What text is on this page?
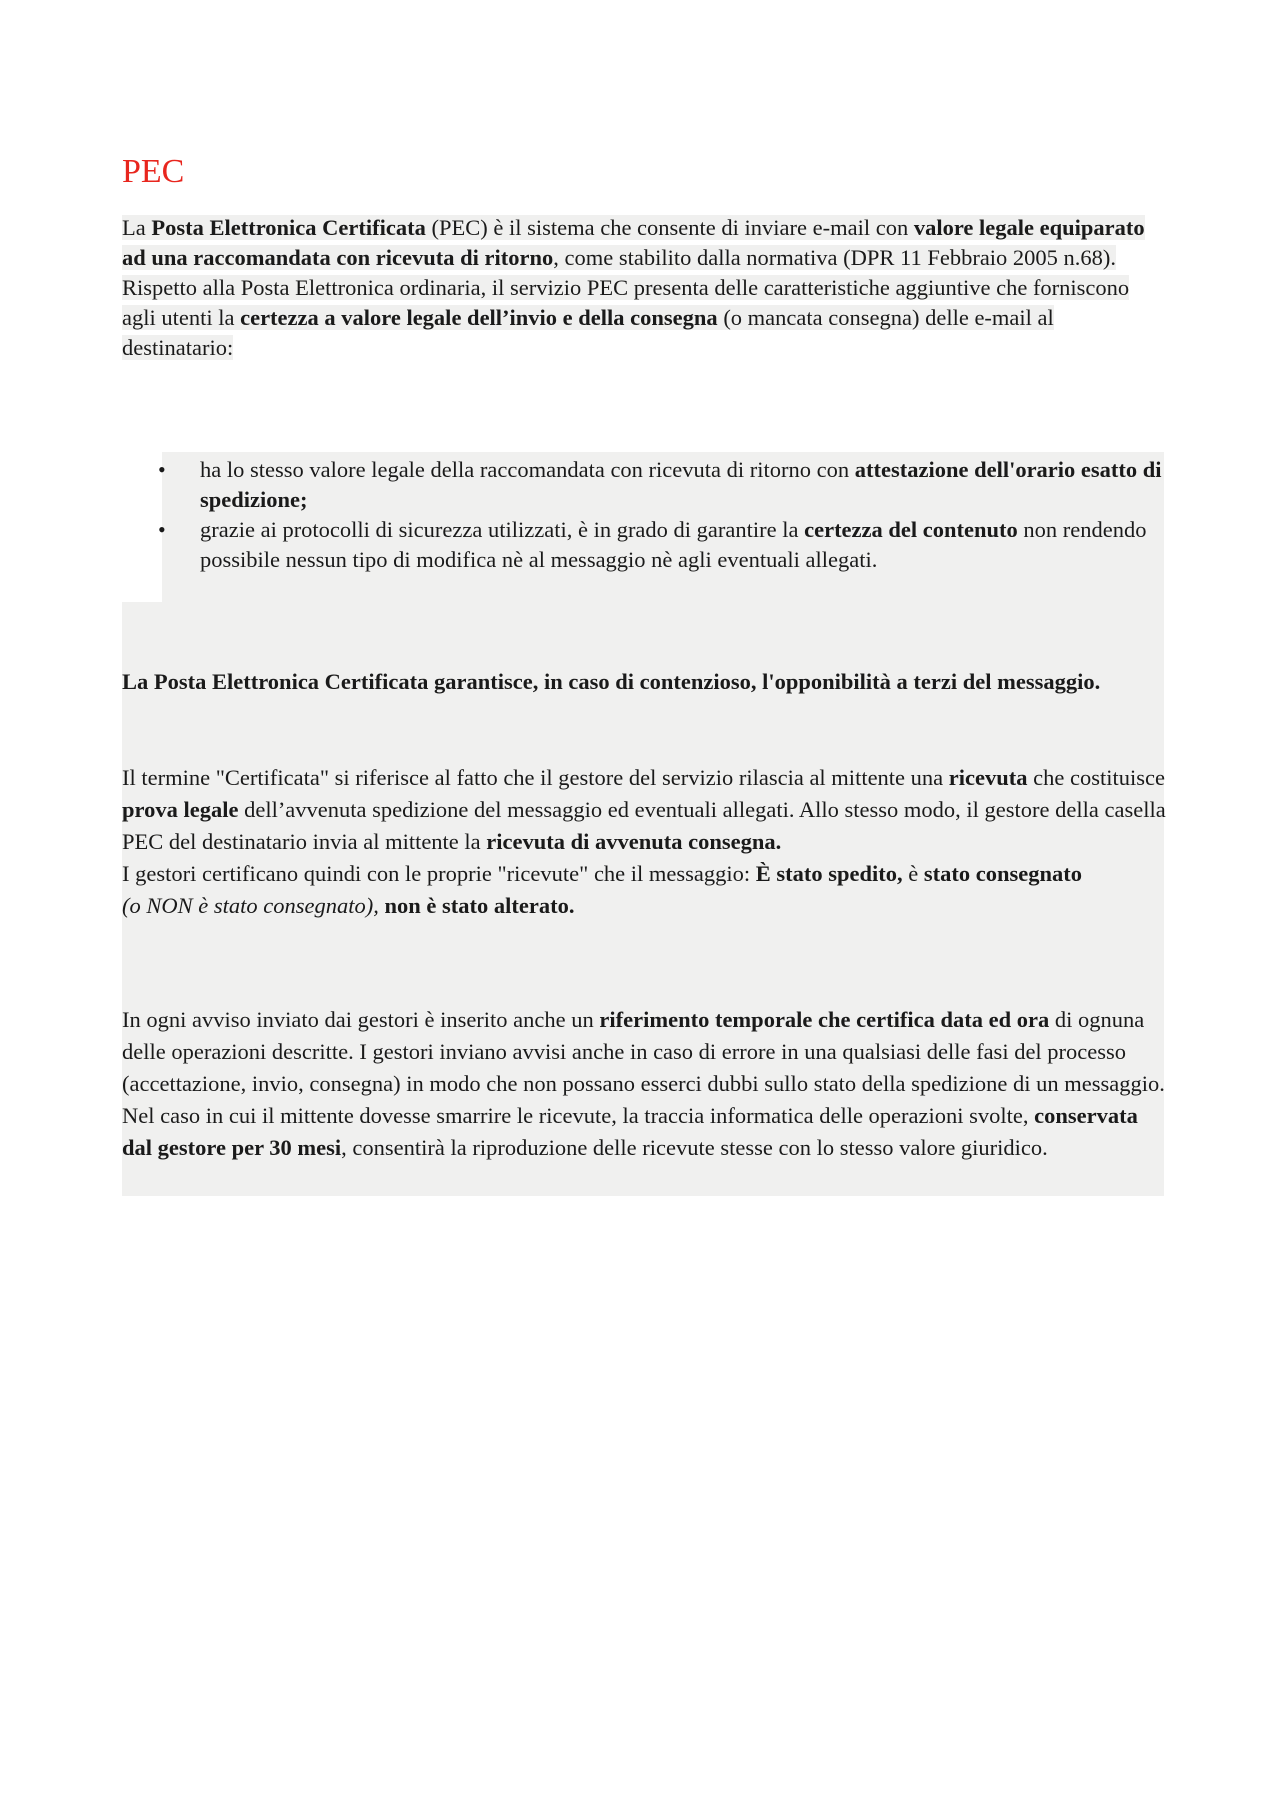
PEC

La Posta Elettronica Certificata (PEC) è il sistema che consente di inviare e-mail con valore legale equiparato ad una raccomandata con ricevuta di ritorno, come stabilito dalla normativa (DPR 11 Febbraio 2005 n.68).

Rispetto alla Posta Elettronica ordinaria, il servizio PEC presenta delle caratteristiche aggiuntive che forniscono agli utenti la certezza a valore legale dell’invio e della consegna (o mancata consegna) delle e-mail al destinatario:

• ha lo stesso valore legale della raccomandata con ricevuta di ritorno con attestazione dell'orario esatto di spedizione;
• grazie ai protocolli di sicurezza utilizzati, è in grado di garantire la certezza del contenuto non rendendo possibile nessun tipo di modifica nè al messaggio nè agli eventuali allegati.

La Posta Elettronica Certificata garantisce, in caso di contenzioso, l'opponibilità a terzi del messaggio.

Il termine "Certificata" si riferisce al fatto che il gestore del servizio rilascia al mittente una ricevuta che costituisce prova legale dell’avvenuta spedizione del messaggio ed eventuali allegati. Allo stesso modo, il gestore della casella PEC del destinatario invia al mittente la ricevuta di avvenuta consegna.
I gestori certificano quindi con le proprie "ricevute" che il messaggio: È stato spedito, è stato consegnato
(o NON è stato consegnato), non è stato alterato.

In ogni avviso inviato dai gestori è inserito anche un riferimento temporale che certifica data ed ora di ognuna delle operazioni descritte. I gestori inviano avvisi anche in caso di errore in una qualsiasi delle fasi del processo (accettazione, invio, consegna) in modo che non possano esserci dubbi sullo stato della spedizione di un messaggio. Nel caso in cui il mittente dovesse smarrire le ricevute, la traccia informatica delle operazioni svolte, conservata dal gestore per 30 mesi, consentirà la riproduzione delle ricevute stesse con lo stesso valore giuridico.
